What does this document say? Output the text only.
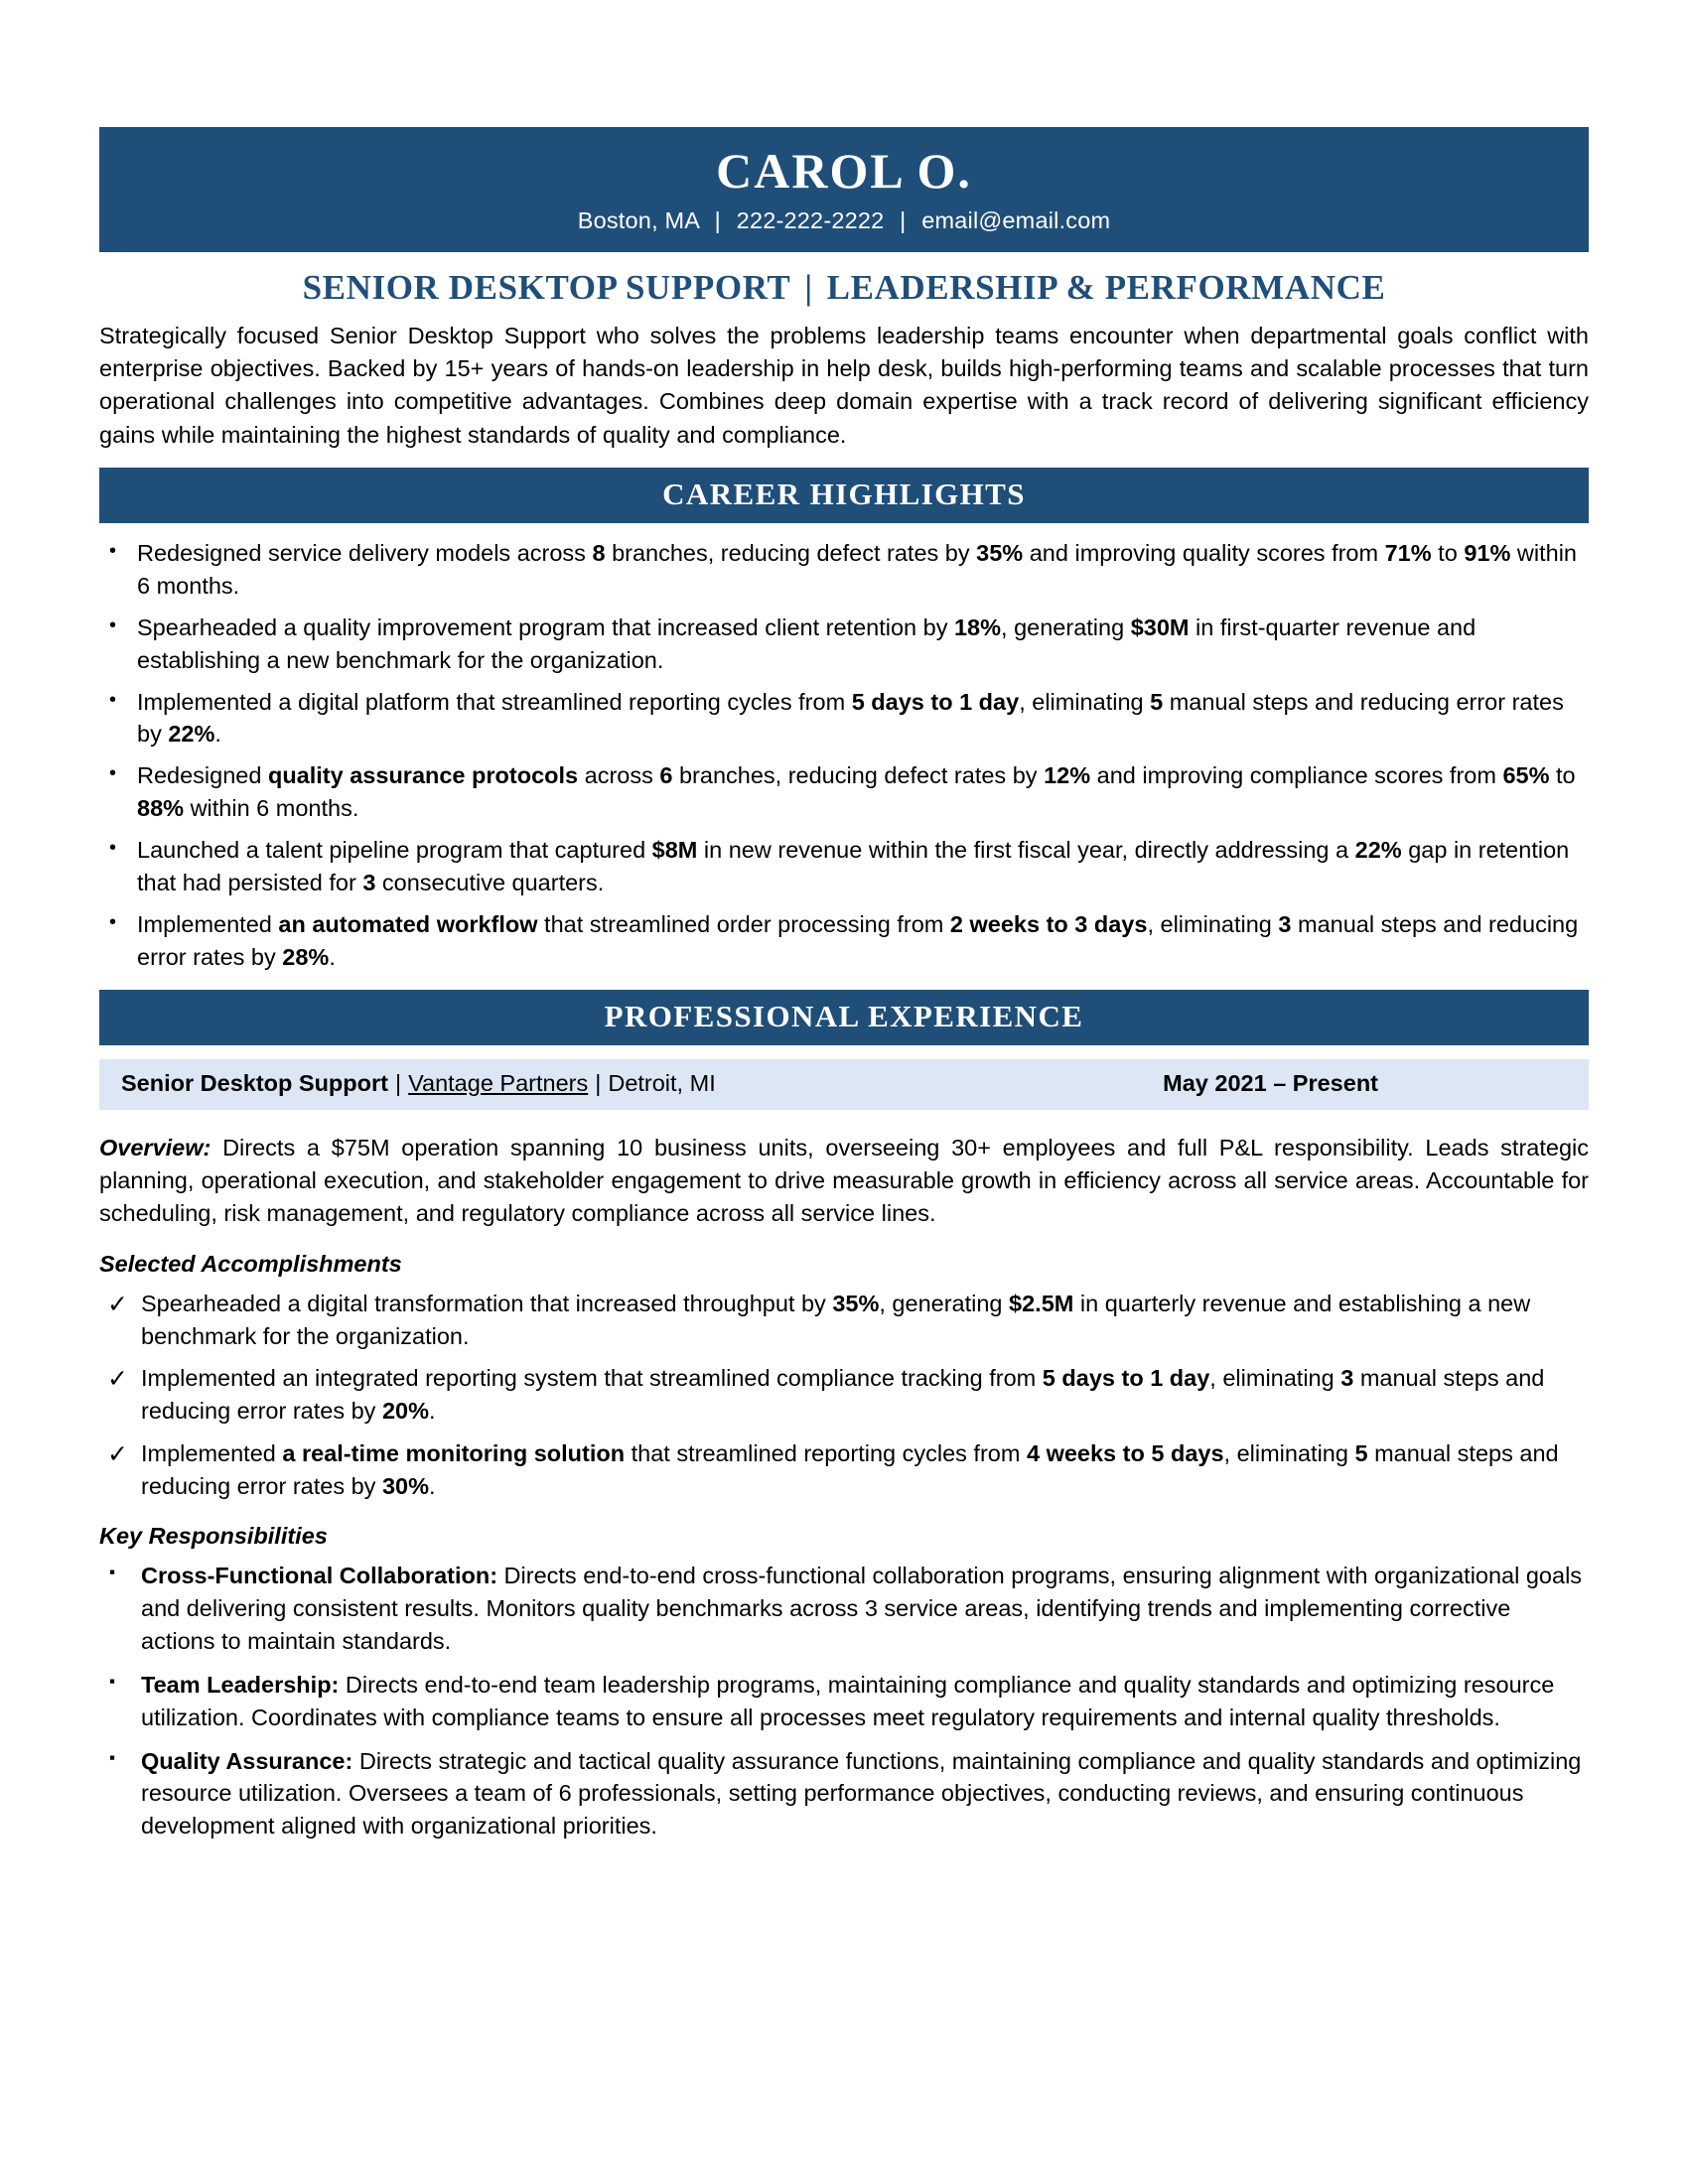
CAROL O.
Boston, MA | 222-222-2222 | email@email.com
SENIOR DESKTOP SUPPORT | LEADERSHIP & PERFORMANCE

Strategically focused Senior Desktop Support who solves the problems leadership teams encounter when departmental goals conflict with enterprise objectives. Backed by 15+ years of hands-on leadership in help desk, builds high-performing teams and scalable processes that turn operational challenges into competitive advantages. Combines deep domain expertise with a track record of delivering significant efficiency gains while maintaining the highest standards of quality and compliance.

CAREER HIGHLIGHTS
• Redesigned service delivery models across 8 branches, reducing defect rates by 35% and improving quality scores from 71% to 91% within 6 months.
• Spearheaded a quality improvement program that increased client retention by 18%, generating $30M in first-quarter revenue and establishing a new benchmark for the organization.
• Implemented a digital platform that streamlined reporting cycles from 5 days to 1 day, eliminating 5 manual steps and reducing error rates by 22%.
• Redesigned quality assurance protocols across 6 branches, reducing defect rates by 12% and improving compliance scores from 65% to 88% within 6 months.
• Launched a talent pipeline program that captured $8M in new revenue within the first fiscal year, directly addressing a 22% gap in retention that had persisted for 3 consecutive quarters.
• Implemented an automated workflow that streamlined order processing from 2 weeks to 3 days, eliminating 3 manual steps and reducing error rates by 28%.
PROFESSIONAL EXPERIENCE
Senior Desktop Support | Vantage Partners | Detroit, MI	May 2021 – Present

Overview: Directs a $75M operation spanning 10 business units, overseeing 30+ employees and full P&L responsibility. Leads strategic planning, operational execution, and stakeholder engagement to drive measurable growth in efficiency across all service areas. Accountable for scheduling, risk management, and regulatory compliance across all service lines.

Selected Accomplishments
✓ Spearheaded a digital transformation that increased throughput by 35%, generating $2.5M in quarterly revenue and establishing a new benchmark for the organization.
✓ Implemented an integrated reporting system that streamlined compliance tracking from 5 days to 1 day, eliminating 3 manual steps and reducing error rates by 20%.
✓ Implemented a real-time monitoring solution that streamlined reporting cycles from 4 weeks to 5 days, eliminating 5 manual steps and reducing error rates by 30%.
Key Responsibilities
▪ Cross-Functional Collaboration: Directs end-to-end cross-functional collaboration programs, ensuring alignment with organizational goals and delivering consistent results. Monitors quality benchmarks across 3 service areas, identifying trends and implementing corrective actions to maintain standards.
▪ Team Leadership: Directs end-to-end team leadership programs, maintaining compliance and quality standards and optimizing resource utilization. Coordinates with compliance teams to ensure all processes meet regulatory requirements and internal quality thresholds.
▪ Quality Assurance: Directs strategic and tactical quality assurance functions, maintaining compliance and quality standards and optimizing resource utilization. Oversees a team of 6 professionals, setting performance objectives, conducting reviews, and ensuring continuous development aligned with organizational priorities.
